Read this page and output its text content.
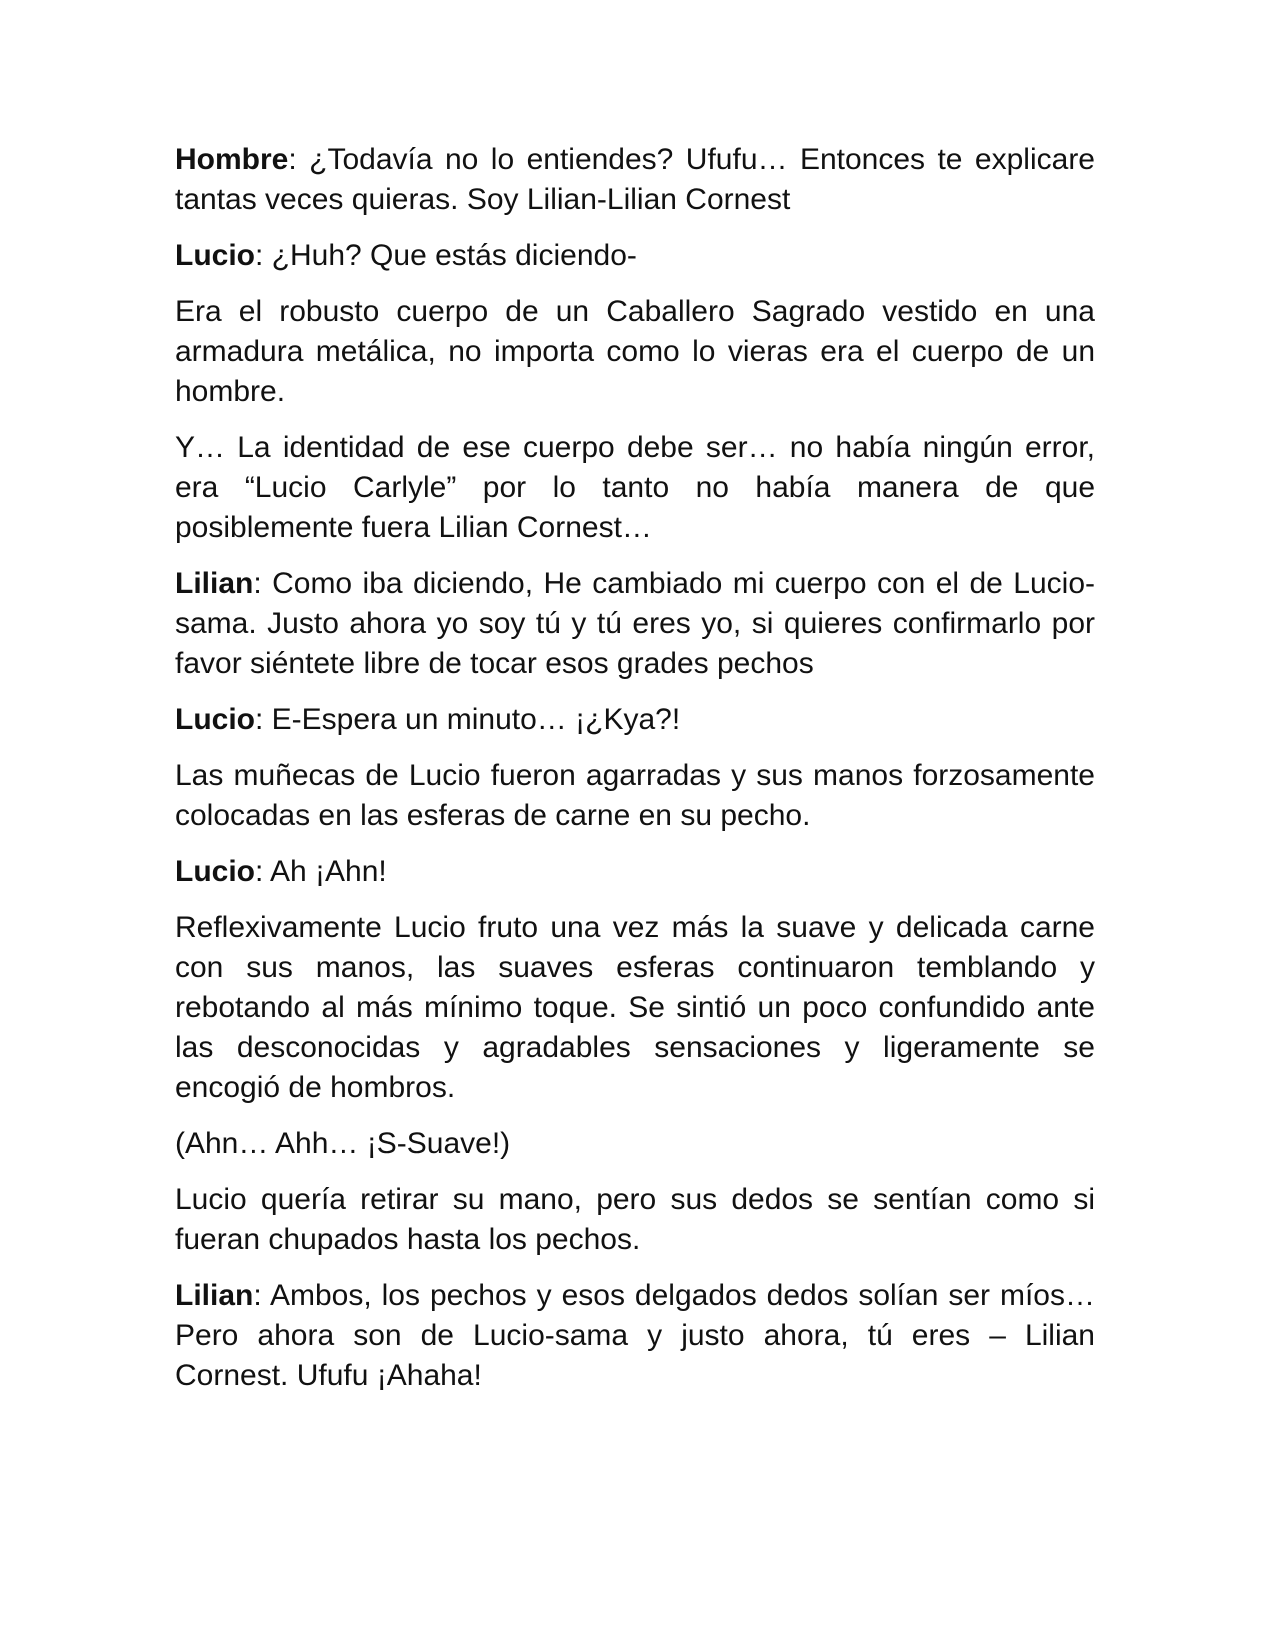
Hombre: ¿Todavía no lo entiendes? Ufufu… Entonces te explicare tantas veces quieras. Soy Lilian-Lilian Cornest

Lucio: ¿Huh? Que estás diciendo-

Era el robusto cuerpo de un Caballero Sagrado vestido en una armadura metálica, no importa como lo vieras era el cuerpo de un hombre.

Y… La identidad de ese cuerpo debe ser… no había ningún error, era “Lucio Carlyle” por lo tanto no había manera de que posiblemente fuera Lilian Cornest…

Lilian: Como iba diciendo, He cambiado mi cuerpo con el de Lucio-sama. Justo ahora yo soy tú y tú eres yo, si quieres confirmarlo por favor siéntete libre de tocar esos grades pechos

Lucio: E-Espera un minuto… ¡¿Kya?!

Las muñecas de Lucio fueron agarradas y sus manos forzosamente colocadas en las esferas de carne en su pecho.

Lucio: Ah ¡Ahn!

Reflexivamente Lucio fruto una vez más la suave y delicada carne con sus manos, las suaves esferas continuaron temblando y rebotando al más mínimo toque. Se sintió un poco confundido ante las desconocidas y agradables sensaciones y ligeramente se encogió de hombros.

(Ahn… Ahh… ¡S-Suave!)

Lucio quería retirar su mano, pero sus dedos se sentían como si fueran chupados hasta los pechos.

Lilian: Ambos, los pechos y esos delgados dedos solían ser míos… Pero ahora son de Lucio-sama y justo ahora, tú eres – Lilian Cornest. Ufufu ¡Ahaha!
